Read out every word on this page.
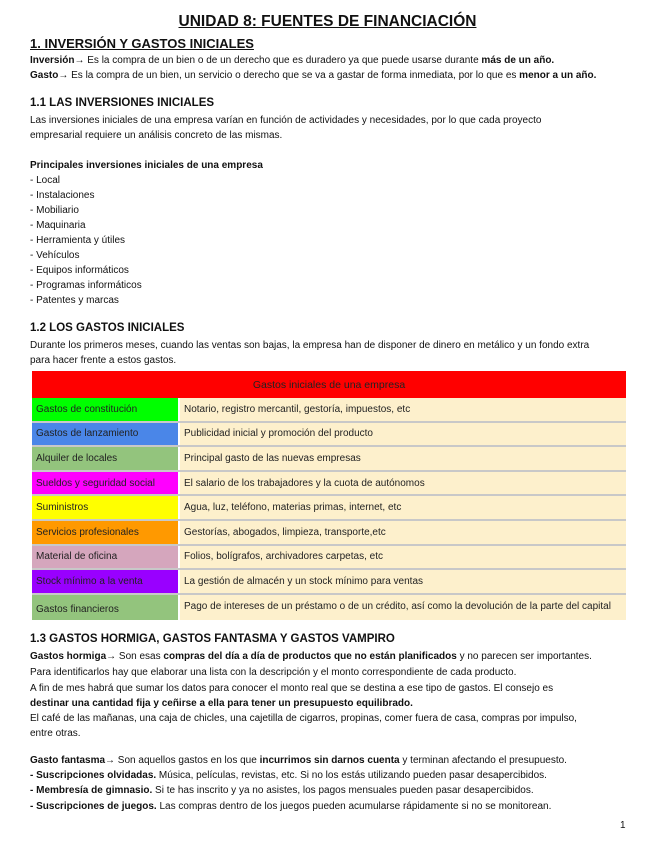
UNIDAD 8: FUENTES DE FINANCIACIÓN
1. INVERSIÓN Y GASTOS INICIALES
Inversión→ Es la compra de un bien o de un derecho que es duradero ya que puede usarse durante más de un año.
Gasto→ Es la compra de un bien, un servicio o derecho que se va a gastar de forma inmediata, por lo que es menor a un año.
1.1 LAS INVERSIONES INICIALES
Las inversiones iniciales de una empresa varían en función de actividades y necesidades, por lo que cada proyecto
empresarial requiere un análisis concreto de las mismas.
Principales inversiones iniciales de una empresa
- Local
- Instalaciones
- Mobiliario
- Maquinaria
- Herramienta y útiles
- Vehículos
- Equipos informáticos
- Programas informáticos
- Patentes y marcas
1.2 LOS GASTOS INICIALES
Durante los primeros meses, cuando las ventas son bajas, la empresa han de disponer de dinero en metálico y un fondo extra
para hacer frente a estos gastos.
Gastos iniciales de una empresa
Gastos de constitución	Notario, registro mercantil, gestoría, impuestos, etc
Gastos de lanzamiento	Publicidad inicial y promoción del producto
Alquiler de locales	Principal gasto de las nuevas empresas
Sueldos y seguridad social	El salario de los trabajadores y la cuota de autónomos
Suministros	Agua, luz, teléfono, materias primas, internet, etc
Servicios profesionales	Gestorías, abogados, limpieza, transporte,etc
Material de oficina	Folios, bolígrafos, archivadores carpetas, etc
Stock mínimo a la venta	La gestión de almacén y un stock mínimo para ventas
Gastos financieros	Pago de intereses de un préstamo o de un crédito, así como la devolución de la parte del capital
1.3 GASTOS HORMIGA, GASTOS FANTASMA Y GASTOS VAMPIRO
Gastos hormiga→ Son esas compras del día a día de productos que no están planificados y no parecen ser importantes.
Para identificarlos hay que elaborar una lista con la descripción y el monto correspondiente de cada producto.
A fin de mes habrá que sumar los datos para conocer el monto real que se destina a ese tipo de gastos. El consejo es
destinar una cantidad fija y ceñirse a ella para tener un presupuesto equilibrado.
El café de las mañanas, una caja de chicles, una cajetilla de cigarros, propinas, comer fuera de casa, compras por impulso,
entre otras.
Gasto fantasma→ Son aquellos gastos en los que incurrimos sin darnos cuenta y terminan afectando el presupuesto.
- Suscripciones olvidadas. Música, películas, revistas, etc. Si no los estás utilizando pueden pasar desapercibidos.
- Membresía de gimnasio. Si te has inscrito y ya no asistes, los pagos mensuales pueden pasar desapercibidos.
- Suscripciones de juegos. Las compras dentro de los juegos pueden acumularse rápidamente si no se monitorean.
1
